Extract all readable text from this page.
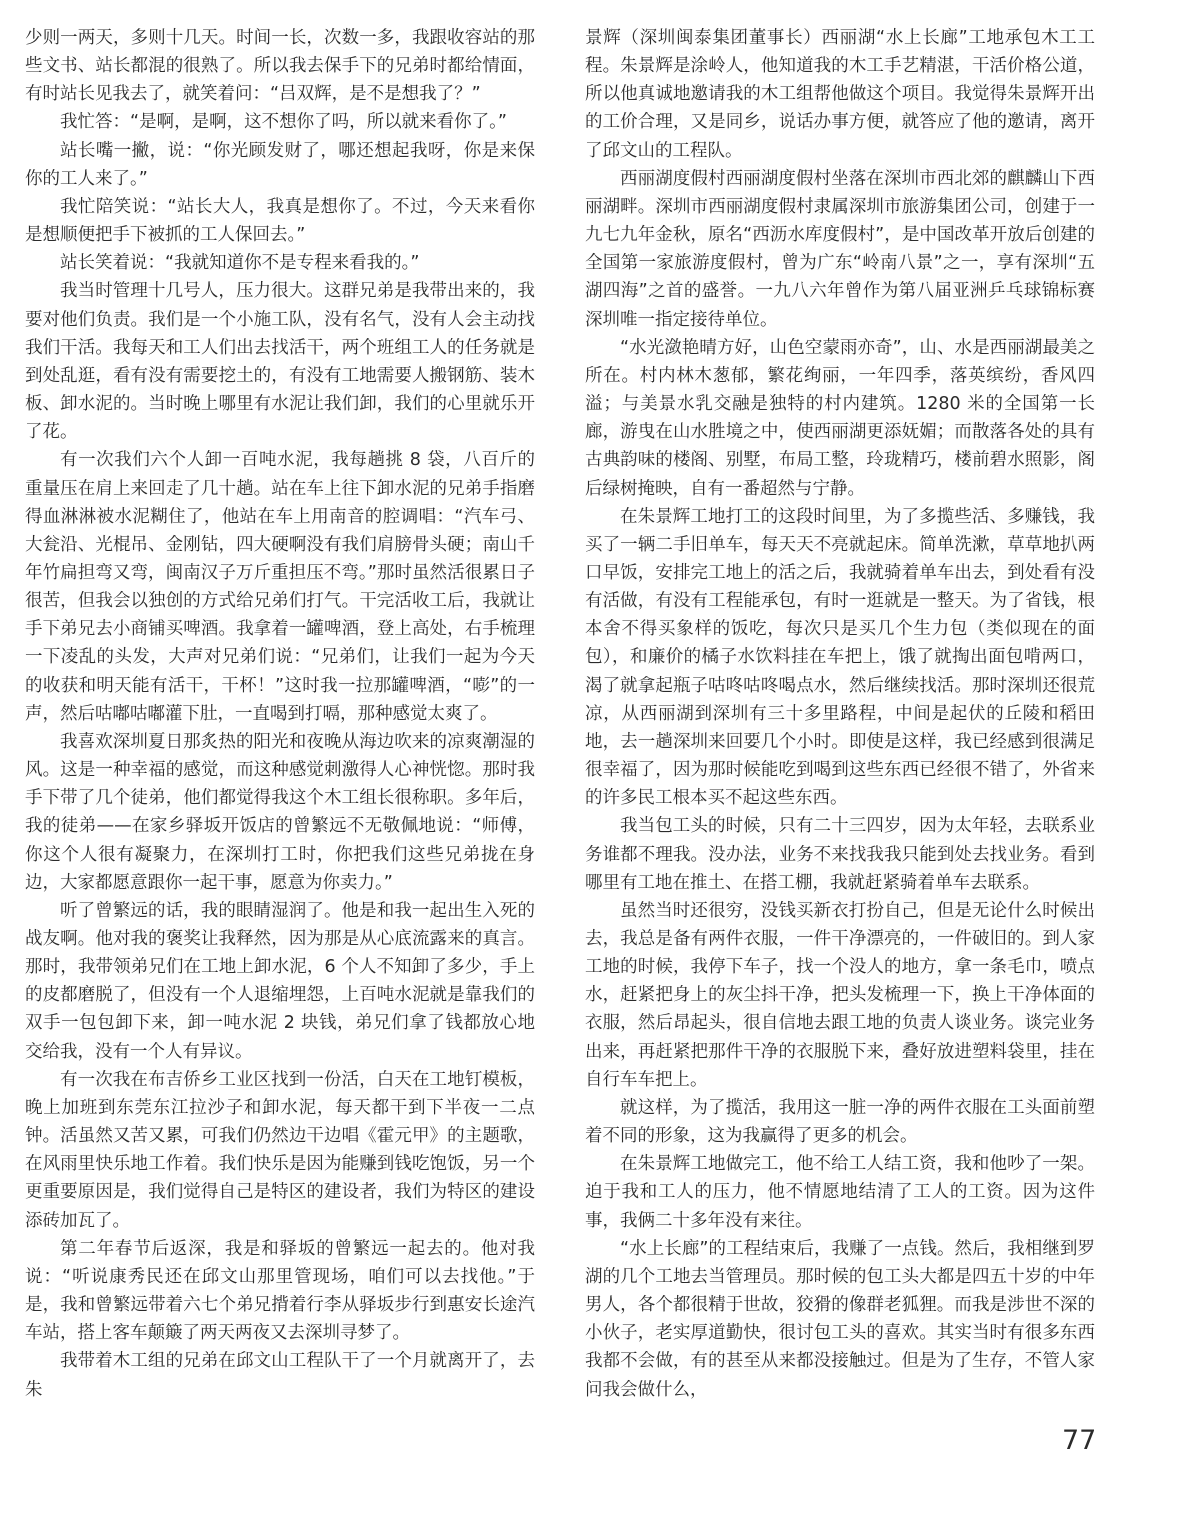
少则一两天，多则十几天。时间一长，次数一多，我跟收容站的那些文书、站长都混的很熟了。所以我去保手下的兄弟时都给情面，有时站长见我去了，就笑着问：“吕双辉，是不是想我了？”

我忙答：“是啊，是啊，这不想你了吗，所以就来看你了。”

站长嘴一撇，说：“你光顾发财了，哪还想起我呀，你是来保你的工人来了。”

我忙陪笑说：“站长大人，我真是想你了。不过，今天来看你是想顺便把手下被抓的工人保回去。”

站长笑着说：“我就知道你不是专程来看我的。”

我当时管理十几号人，压力很大。这群兄弟是我带出来的，我要对他们负责。我们是一个小施工队，没有名气，没有人会主动找我们干活。我每天和工人们出去找活干，两个班组工人的任务就是到处乱逛，看有没有需要挖土的，有没有工地需要人搬钢筋、装木板、卸水泥的。当时晚上哪里有水泥让我们卸，我们的心里就乐开了花。

有一次我们六个人卸一百吨水泥，我每趟挑 8 袋，八百斤的重量压在肩上来回走了几十趟。站在车上往下卸水泥的兄弟手指磨得血淋淋被水泥糊住了，他站在车上用南音的腔调唱：“汽车弓、大瓮沿、光棍吊、金刚钻，四大硬啊没有我们肩膀骨头硬；南山千年竹扁担弯又弯，闽南汉子万斤重担压不弯。”那时虽然活很累日子很苦，但我会以独创的方式给兄弟们打气。干完活收工后，我就让手下弟兄去小商铺买啤酒。我拿着一罐啤酒，登上高处，右手梳理一下凌乱的头发，大声对兄弟们说：“兄弟们，让我们一起为今天的收获和明天能有活干，干杯！”这时我一拉那罐啤酒，“嘭”的一声，然后咕嘟咕嘟灌下肚，一直喝到打嗝，那种感觉太爽了。

我喜欢深圳夏日那炙热的阳光和夜晚从海边吹来的凉爽潮湿的风。这是一种幸福的感觉，而这种感觉刺激得人心神恍惚。那时我手下带了几个徒弟，他们都觉得我这个木工组长很称职。多年后，我的徒弟——在家乡驿坂开饭店的曾繁远不无敬佩地说：“师傅，你这个人很有凝聚力，在深圳打工时，你把我们这些兄弟拢在身边，大家都愿意跟你一起干事，愿意为你卖力。”

听了曾繁远的话，我的眼睛湿润了。他是和我一起出生入死的战友啊。他对我的褒奖让我释然，因为那是从心底流露来的真言。那时，我带领弟兄们在工地上卸水泥，6 个人不知卸了多少，手上的皮都磨脱了，但没有一个人退缩埋怨，上百吨水泥就是靠我们的双手一包包卸下来，卸一吨水泥 2 块钱，弟兄们拿了钱都放心地交给我，没有一个人有异议。

有一次我在布吉侨乡工业区找到一份活，白天在工地钉模板，晚上加班到东莞东江拉沙子和卸水泥，每天都干到下半夜一二点钟。活虽然又苦又累，可我们仍然边干边唱《霍元甲》的主题歌，在风雨里快乐地工作着。我们快乐是因为能赚到钱吃饱饭，另一个更重要原因是，我们觉得自己是特区的建设者，我们为特区的建设添砖加瓦了。

第二年春节后返深，我是和驿坂的曾繁远一起去的。他对我说：“听说康秀民还在邱文山那里管现场，咱们可以去找他。”于是，我和曾繁远带着六七个弟兄揹着行李从驿坂步行到惠安长途汽车站，搭上客车颠簸了两天两夜又去深圳寻梦了。

我带着木工组的兄弟在邱文山工程队干了一个月就离开了，去朱

景辉（深圳闽泰集团董事长）西丽湖“水上长廊”工地承包木工工程。朱景辉是涂岭人，他知道我的木工手艺精湛，干活价格公道，所以他真诚地邀请我的木工组帮他做这个项目。我觉得朱景辉开出的工价合理，又是同乡，说话办事方便，就答应了他的邀请，离开了邱文山的工程队。

西丽湖度假村西丽湖度假村坐落在深圳市西北郊的麒麟山下西丽湖畔。深圳市西丽湖度假村隶属深圳市旅游集团公司，创建于一九七九年金秋，原名“西沥水库度假村”，是中国改革开放后创建的全国第一家旅游度假村，曾为广东“岭南八景”之一，享有深圳“五湖四海”之首的盛誉。一九八六年曾作为第八届亚洲乒乓球锦标赛深圳唯一指定接待单位。

“水光潋艳晴方好，山色空蒙雨亦奇”，山、水是西丽湖最美之所在。村内林木葱郁，繁花绚丽，一年四季，落英缤纷，香风四溢；与美景水乳交融是独特的村内建筑。1280 米的全国第一长廊，游曳在山水胜境之中，使西丽湖更添妩媚；而散落各处的具有古典韵味的楼阁、别墅，布局工整，玲珑精巧，楼前碧水照影，阁后绿树掩映，自有一番超然与宁静。

在朱景辉工地打工的这段时间里，为了多揽些活、多赚钱，我买了一辆二手旧单车，每天天不亮就起床。简单洗漱，草草地扒两口早饭，安排完工地上的活之后，我就骑着单车出去，到处看有没有活做，有没有工程能承包，有时一逛就是一整天。为了省钱，根本舍不得买象样的饭吃，每次只是买几个生力包（类似现在的面包），和廉价的橘子水饮料挂在车把上，饿了就掏出面包啃两口，渴了就拿起瓶子咕咚咕咚喝点水，然后继续找活。那时深圳还很荒凉，从西丽湖到深圳有三十多里路程，中间是起伏的丘陵和稻田地，去一趟深圳来回要几个小时。即使是这样，我已经感到很满足很幸福了，因为那时候能吃到喝到这些东西已经很不错了，外省来的许多民工根本买不起这些东西。

我当包工头的时候，只有二十三四岁，因为太年轻，去联系业务谁都不理我。没办法，业务不来找我我只能到处去找业务。看到哪里有工地在推土、在搭工棚，我就赶紧骑着单车去联系。

虽然当时还很穷，没钱买新衣打扮自己，但是无论什么时候出去，我总是备有两件衣服，一件干净漂亮的，一件破旧的。到人家工地的时候，我停下车子，找一个没人的地方，拿一条毛巾，喷点水，赶紧把身上的灰尘抖干净，把头发梳理一下，换上干净体面的衣服，然后昂起头，很自信地去跟工地的负责人谈业务。谈完业务出来，再赶紧把那件干净的衣服脱下来，叠好放进塑料袋里，挂在自行车车把上。

就这样，为了揽活，我用这一脏一净的两件衣服在工头面前塑着不同的形象，这为我赢得了更多的机会。

在朱景辉工地做完工，他不给工人结工资，我和他吵了一架。迫于我和工人的压力，他不情愿地结清了工人的工资。因为这件事，我俩二十多年没有来往。

“水上长廊”的工程结束后，我赚了一点钱。然后，我相继到罗湖的几个工地去当管理员。那时候的包工头大都是四五十岁的中年男人，各个都很精于世故，狡猾的像群老狐狸。而我是涉世不深的小伙子，老实厚道勤快，很讨包工头的喜欢。其实当时有很多东西我都不会做，有的甚至从来都没接触过。但是为了生存，不管人家问我会做什么，

77
